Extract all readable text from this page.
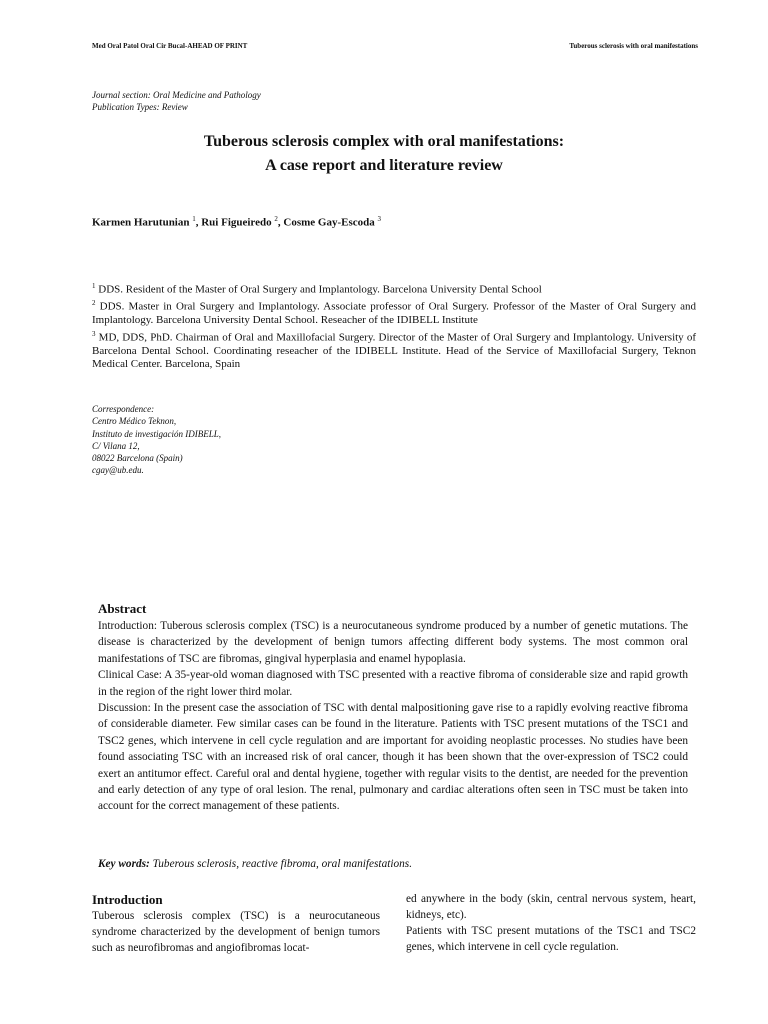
Med Oral Patol Oral Cir Bucal-AHEAD OF PRINT	Tuberous sclerosis with oral manifestations
Journal section: Oral Medicine and Pathology
Publication Types: Review
Tuberous sclerosis complex with oral manifestations:
A case report and literature review
Karmen Harutunian $^1$, Rui Figueiredo $^2$, Cosme Gay-Escoda $^3$

$^1$ DDS. Resident of the Master of Oral Surgery and Implantology. Barcelona University Dental School

$^2$ DDS. Master in Oral Surgery and Implantology. Associate professor of Oral Surgery. Professor of the Master of Oral Surgery and Implantology. Barcelona University Dental School. Reseacher of the IDIBELL Institute

$^3$ MD, DDS, PhD. Chairman of Oral and Maxillofacial Surgery. Director of the Master of Oral Surgery and Implantology. University of Barcelona Dental School. Coordinating reseacher of the IDIBELL Institute. Head of the Service of Maxillofacial Surgery, Teknon Medical Center. Barcelona, Spain

Correspondence:
Centro Médico Teknon,
Instituto de investigación IDIBELL,
C/ Vilana 12,
08022 Barcelona (Spain)
cgay@ub.edu.
Abstract

Introduction: Tuberous sclerosis complex (TSC) is a neurocutaneous syndrome produced by a number of genetic mutations. The disease is characterized by the development of benign tumors affecting different body systems. The most common oral manifestations of TSC are fibromas, gingival hyperplasia and enamel hypoplasia.

Clinical Case: A 35-year-old woman diagnosed with TSC presented with a reactive fibroma of considerable size and rapid growth in the region of the right lower third molar.

Discussion: In the present case the association of TSC with dental malpositioning gave rise to a rapidly evolving reactive fibroma of considerable diameter. Few similar cases can be found in the literature. Patients with TSC present mutations of the TSC1 and TSC2 genes, which intervene in cell cycle regulation and are important for avoiding neoplastic processes. No studies have been found associating TSC with an increased risk of oral cancer, though it has been shown that the over-expression of TSC2 could exert an antitumor effect. Careful oral and dental hygiene, together with regular visits to the dentist, are needed for the prevention and early detection of any type of oral lesion. The renal, pulmonary and cardiac alterations often seen in TSC must be taken into account for the correct management of these patients.

Key words: Tuberous sclerosis, reactive fibroma, oral manifestations.
Introduction

Tuberous sclerosis complex (TSC) is a neurocutaneous syndrome characterized by the development of benign tumors such as neurofibromas and angiofibromas locat-

ed anywhere in the body (skin, central nervous system, heart, kidneys, etc).

Patients with TSC present mutations of the TSC1 and TSC2 genes, which intervene in cell cycle regulation.
